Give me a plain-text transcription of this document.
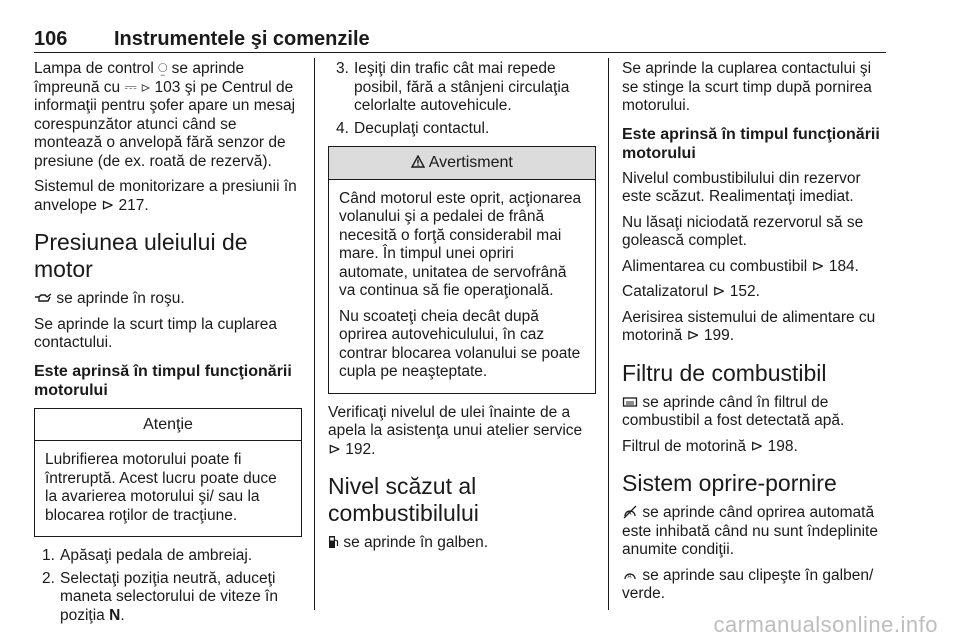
106 Instrumentele şi comenzile

Lampa de control ⍜ se aprinde împreună cu ⎓ ⊳ 103 şi pe Centrul de informaţii pentru şofer apare un mesaj corespunzător atunci când se montează o anvelopă fără senzor de presiune (de ex. roată de rezervă).

Sistemul de monitorizare a presiunii în anvelope ⊳ 217.

Presiunea uleiului de motor

se aprinde în roşu.

Se aprinde la scurt timp la cuplarea contactului.

Este aprinsă în timpul funcţionării motorului
Atenţie

Lubrifierea motorului poate fi întreruptă. Acest lucru poate duce la avarierea motorului şi/ sau la blocarea roţilor de tracţiune.

1. Apăsaţi pedala de ambreiaj.
2. Selectaţi poziţia neutră, aduceţi maneta selectorului de viteze în poziţia N.
3. Ieşiţi din trafic cât mai repede posibil, fără a stânjeni circulaţia celorlalte autovehicule.
4. Decuplaţi contactul.
Avertisment

Când motorul este oprit, acţionarea volanului şi a pedalei de frână necesită o forţă considerabil mai mare. În timpul unei opriri automate, unitatea de servofrână va continua să fie operaţională.

Nu scoateţi cheia decât după oprirea autovehiculului, în caz contrar blocarea volanului se poate cupla pe neaşteptate.

Verificaţi nivelul de ulei înainte de a apela la asistenţa unui atelier service ⊳ 192.

Nivel scăzut al combustibilului

se aprinde în galben.

Se aprinde la cuplarea contactului şi se stinge la scurt timp după pornirea motorului.

Este aprinsă în timpul funcţionării motorului

Nivelul combustibilului din rezervor este scăzut. Realimentaţi imediat.

Nu lăsaţi niciodată rezervorul să se golească complet.

Alimentarea cu combustibil ⊳ 184.

Catalizatorul ⊳ 152.

Aerisirea sistemului de alimentare cu motorină ⊳ 199.

Filtru de combustibil

se aprinde când în filtrul de combustibil a fost detectată apă.

Filtrul de motorină ⊳ 198.

Sistem oprire-pornire

A se aprinde când oprirea automată este inhibată când nu sunt îndeplinite anumite condiţii.

A se aprinde sau clipeşte în galben/ verde.

carmanualsonline.info
